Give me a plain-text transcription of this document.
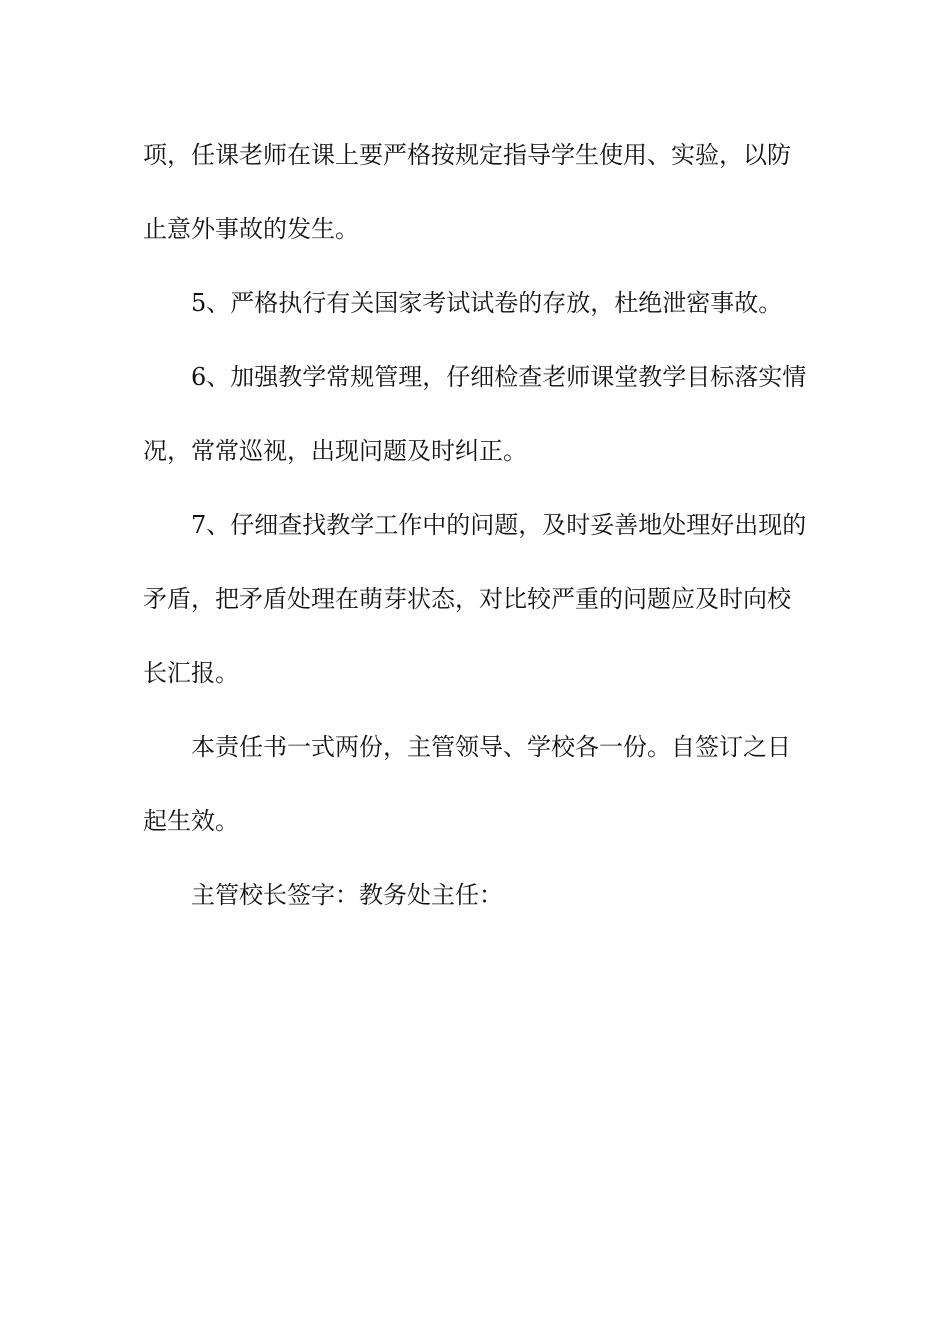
项，任课老师在课上要严格按规定指导学生使用、实验，以防
止意外事故的发生。
5、严格执行有关国家考试试卷的存放，杜绝泄密事故。
6、加强教学常规管理，仔细检查老师课堂教学目标落实情
况，常常巡视，出现问题及时纠正。
7、仔细查找教学工作中的问题，及时妥善地处理好出现的
矛盾，把矛盾处理在萌芽状态，对比较严重的问题应及时向校
长汇报。
本责任书一式两份，主管领导、学校各一份。自签订之日
起生效。
主管校长签字：教务处主任：
